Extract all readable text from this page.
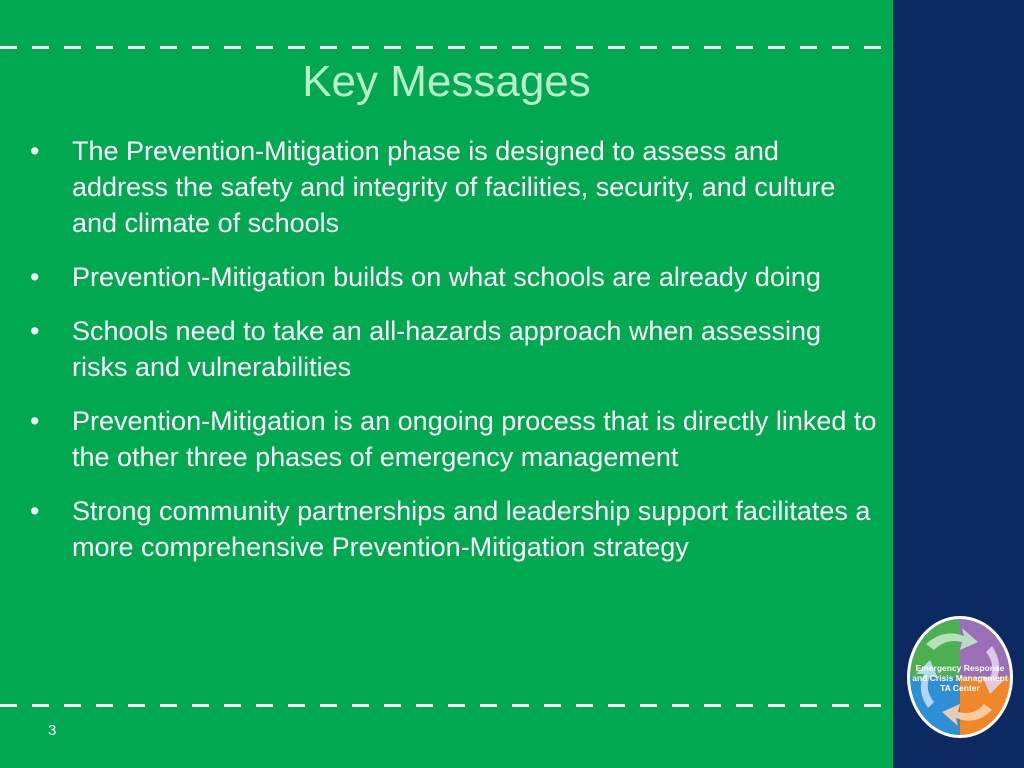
Key Messages
• The Prevention-Mitigation phase is designed to assess and address the safety and integrity of facilities, security, and culture and climate of schools
• Prevention-Mitigation builds on what schools are already doing
• Schools need to take an all-hazards approach when assessing risks and vulnerabilities
• Prevention-Mitigation is an ongoing process that is directly linked to the other three phases of emergency management
• Strong community partnerships and leadership support facilitates a more comprehensive Prevention-Mitigation strategy
3
Emergency Response
and Crisis Management
TA Center
